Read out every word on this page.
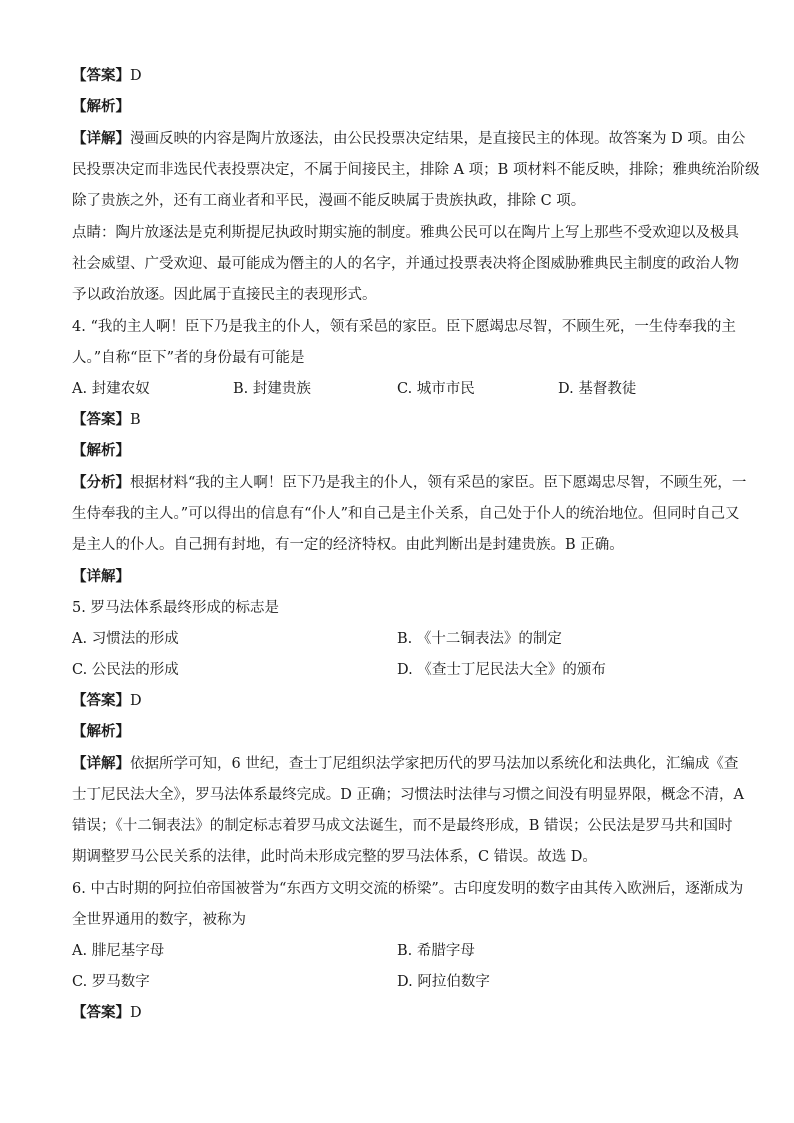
【答案】D
【解析】
【详解】漫画反映的内容是陶片放逐法，由公民投票决定结果，是直接民主的体现。故答案为 D 项。由公
民投票决定而非选民代表投票决定，不属于间接民主，排除 A 项；B 项材料不能反映，排除；雅典统治阶级
除了贵族之外，还有工商业者和平民，漫画不能反映属于贵族执政，排除 C 项。
点睛：陶片放逐法是克利斯提尼执政时期实施的制度。雅典公民可以在陶片上写上那些不受欢迎以及极具
社会威望、广受欢迎、最可能成为僭主的人的名字，并通过投票表决将企图威胁雅典民主制度的政治人物
予以政治放逐。因此属于直接民主的表现形式。
4. “我的主人啊！臣下乃是我主的仆人，领有采邑的家臣。臣下愿竭忠尽智，不顾生死，一生侍奉我的主
人。”自称“臣下”者的身份最有可能是
A. 封建农奴	B. 封建贵族	C. 城市市民	D. 基督教徒
【答案】B
【解析】
【分析】根据材料“我的主人啊！臣下乃是我主的仆人，领有采邑的家臣。臣下愿竭忠尽智，不顾生死，一
生侍奉我的主人。”可以得出的信息有“仆人”和自己是主仆关系，自己处于仆人的统治地位。但同时自己又
是主人的仆人。自己拥有封地，有一定的经济特权。由此判断出是封建贵族。B 正确。
【详解】
5. 罗马法体系最终形成的标志是
A. 习惯法的形成	B. 《十二铜表法》的制定
C. 公民法的形成	D. 《查士丁尼民法大全》的颁布
【答案】D
【解析】
【详解】依据所学可知，6 世纪，查士丁尼组织法学家把历代的罗马法加以系统化和法典化，汇编成《查
士丁尼民法大全》，罗马法体系最终完成。D 正确；习惯法时法律与习惯之间没有明显界限，概念不清，A
错误；《十二铜表法》的制定标志着罗马成文法诞生，而不是最终形成，B 错误；公民法是罗马共和国时
期调整罗马公民关系的法律，此时尚未形成完整的罗马法体系，C 错误。故选 D。
6. 中古时期的阿拉伯帝国被誉为“东西方文明交流的桥梁”。古印度发明的数字由其传入欧洲后，逐渐成为
全世界通用的数字，被称为
A. 腓尼基字母	B. 希腊字母
C. 罗马数字	D. 阿拉伯数字
【答案】D
